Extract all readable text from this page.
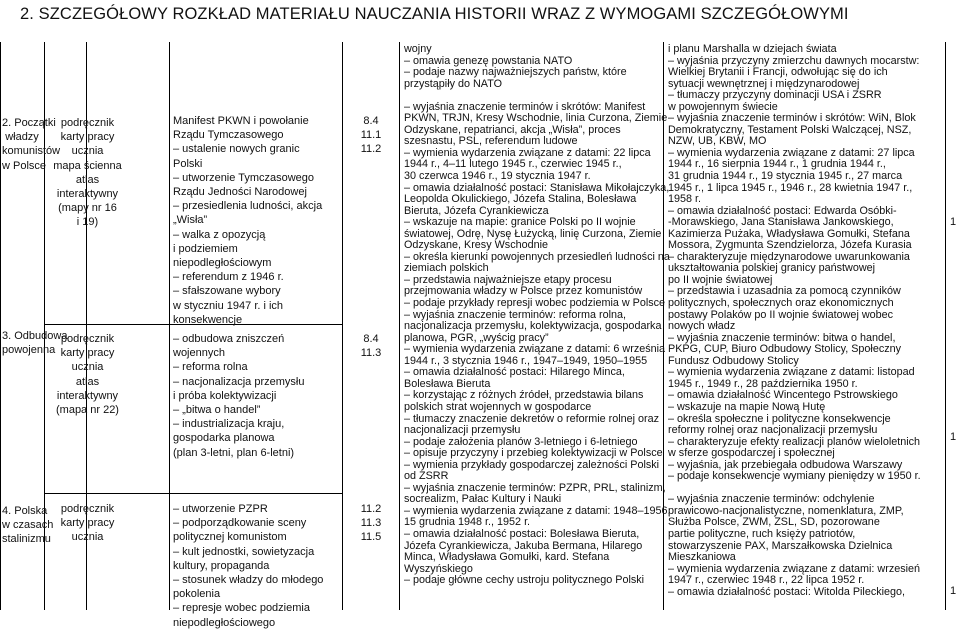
2. SZCZEGÓŁOWY ROZKŁAD MATERIAŁU NAUCZANIA HISTORII WRAZ Z WYMOGAMI SZCZEGÓŁOWYMI
2. Początki
władzy
komunistów
w Polsce
podręcznik
karty pracy
ucznia
mapa ścienna
atlas
interaktywny
(mapy nr 16
i 19)
Manifest PKWN i powołanie
Rządu Tymczasowego
– ustalenie nowych granic
Polski
– utworzenie Tymczasowego
Rządu Jedności Narodowej
– przesiedlenia ludności, akcja
„Wisła”
– walka z opozycją
i podziemiem
niepodległościowym
– referendum z 1946 r.
– sfałszowane wybory
w styczniu 1947 r. i ich
konsekwencje
8.4
11.1
11.2
3. Odbudowa
powojenna
podręcznik
karty pracy
ucznia
atlas
interaktywny
(mapa nr 22)
– odbudowa zniszczeń
wojennych
– reforma rolna
– nacjonalizacja przemysłu
i próba kolektywizacji
– „bitwa o handel”
– industrializacja kraju,
gospodarka planowa
(plan 3-letni, plan 6-letni)
8.4
11.3
4. Polska
w czasach
stalinizmu
podręcznik
karty pracy
ucznia
– utworzenie PZPR
– podporządkowanie sceny
politycznej komunistom
– kult jednostki, sowietyzacja
kultury, propaganda
– stosunek władzy do młodego
pokolenia
– represje wobec podziemia
niepodległościowego
11.2
11.3
11.5
wojny
– omawia genezę powstania NATO
– podaje nazwy najważniejszych państw, które
przystąpiły do NATO

– wyjaśnia znaczenie terminów i skrótów: Manifest
PKWN, TRJN, Kresy Wschodnie, linia Curzona, Ziemie
Odzyskane, repatrianci, akcja „Wisła”, proces
szesnastu, PSL, referendum ludowe
– wymienia wydarzenia związane z datami: 22 lipca
1944 r., 4–11 lutego 1945 r., czerwiec 1945 r.,
30 czerwca 1946 r., 19 stycznia 1947 r.
– omawia działalność postaci: Stanisława Mikołajczyka,
Leopolda Okulickiego, Józefa Stalina, Bolesława
Bieruta, Józefa Cyrankiewicza
– wskazuje na mapie: granice Polski po II wojnie
światowej, Odrę, Nysę Łużycką, linię Curzona, Ziemie
Odzyskane, Kresy Wschodnie
– określa kierunki powojennych przesiedleń ludności na
ziemiach polskich
– przedstawia najważniejsze etapy procesu
przejmowania władzy w Polsce przez komunistów
– podaje przykłady represji wobec podziemia w Polsce
– wyjaśnia znaczenie terminów: reforma rolna,
nacjonalizacja przemysłu, kolektywizacja, gospodarka
planowa, PGR, „wyścig pracy”
– wymienia wydarzenia związane z datami: 6 września
1944 r., 3 stycznia 1946 r., 1947–1949, 1950–1955
– omawia działalność postaci: Hilarego Minca,
Bolesława Bieruta
– korzystając z różnych źródeł, przedstawia bilans
polskich strat wojennych w gospodarce
– tłumaczy znaczenie dekretów o reformie rolnej oraz
nacjonalizacji przemysłu
– podaje założenia planów 3-letniego i 6-letniego
– opisuje przyczyny i przebieg kolektywizacji w Polsce
– wymienia przykłady gospodarczej zależności Polski
od ZSRR
– wyjaśnia znaczenie terminów: PZPR, PRL, stalinizm,
socrealizm, Pałac Kultury i Nauki
– wymienia wydarzenia związane z datami: 1948–1956,
15 grudnia 1948 r., 1952 r.
– omawia działalność postaci: Bolesława Bieruta,
Józefa Cyrankiewicza, Jakuba Bermana, Hilarego
Minca, Władysława Gomułki, kard. Stefana
Wyszyńskiego
– podaje główne cechy ustroju politycznego Polski
i planu Marshalla w dziejach świata
– wyjaśnia przyczyny zmierzchu dawnych mocarstw:
Wielkiej Brytanii i Francji, odwołując się do ich
sytuacji wewnętrznej i międzynarodowej
– tłumaczy przyczyny dominacji USA i ZSRR
w powojennym świecie
– wyjaśnia znaczenie terminów i skrótów: WiN, Blok
Demokratyczny, Testament Polski Walczącej, NSZ,
NZW, UB, KBW, MO
– wymienia wydarzenia związane z datami: 27 lipca
1944 r., 16 sierpnia 1944 r., 1 grudnia 1944 r.,
31 grudnia 1944 r., 19 stycznia 1945 r., 27 marca
1945 r., 1 lipca 1945 r., 1946 r., 28 kwietnia 1947 r.,
1958 r.
– omawia działalność postaci: Edwarda Osóbki-
-Morawskiego, Jana Stanisława Jankowskiego,
Kazimierza Pużaka, Władysława Gomułki, Stefana
Mossora, Zygmunta Szendzielorza, Józefa Kurasia
– charakteryzuje międzynarodowe uwarunkowania
ukształtowania polskiej granicy państwowej
po II wojnie światowej
– przedstawia i uzasadnia za pomocą czynników
politycznych, społecznych oraz ekonomicznych
postawy Polaków po II wojnie światowej wobec
nowych władz
– wyjaśnia znaczenie terminów: bitwa o handel,
PKPG, CUP, Biuro Odbudowy Stolicy, Społeczny
Fundusz Odbudowy Stolicy
– wymienia wydarzenia związane z datami: listopad
1945 r., 1949 r., 28 października 1950 r.
– omawia działalność Wincentego Pstrowskiego
– wskazuje na mapie Nową Hutę
– określa społeczne i polityczne konsekwencje
reformy rolnej oraz nacjonalizacji przemysłu
– charakteryzuje efekty realizacji planów wieloletnich
w sferze gospodarczej i społecznej
– wyjaśnia, jak przebiegała odbudowa Warszawy
– podaje konsekwencje wymiany pieniędzy w 1950 r.

– wyjaśnia znaczenie terminów: odchylenie
prawicowo-nacjonalistyczne, nomenklatura, ZMP,
Służba Polsce, ZWM, ZSL, SD, pozorowane
partie polityczne, ruch księży patriotów,
stowarzyszenie PAX, Marszałkowska Dzielnica
Mieszkaniowa
– wymienia wydarzenia związane z datami: wrzesień
1947 r., czerwiec 1948 r., 22 lipca 1952 r.
– omawia działalność postaci: Witolda Pileckiego,
1
1
1
